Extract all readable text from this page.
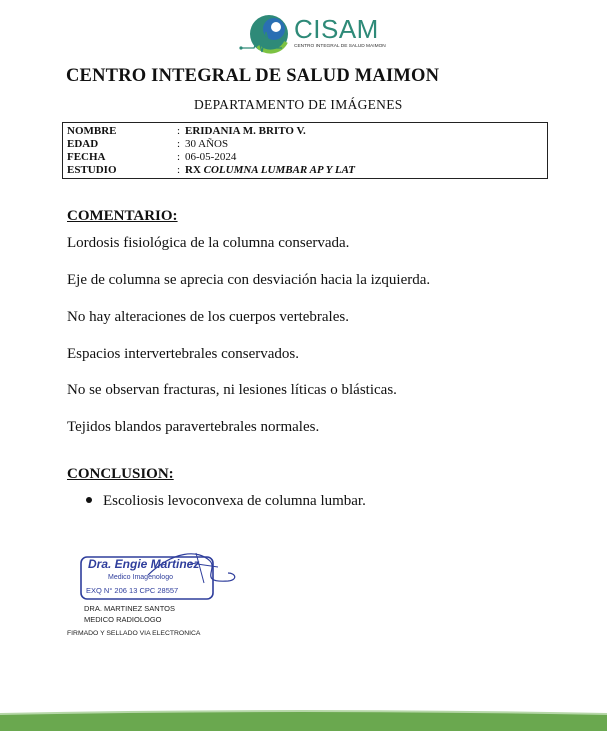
CISAM
CENTRO INTEGRAL DE SALUD MAIMON
CENTRO INTEGRAL DE SALUD MAIMON
DEPARTAMENTO DE IMÁGENES
NOMBRE	: ERIDANIA M. BRITO V.
EDAD	: 30 AÑOS
FECHA	: 06-05-2024
ESTUDIO	: RX COLUMNA LUMBAR AP Y LAT
COMENTARIO:
Lordosis fisiológica de la columna conservada.
Eje de columna se aprecia con desviación hacia la izquierda.
No hay alteraciones de los cuerpos vertebrales.
Espacios intervertebrales conservados.
No se observan fracturas, ni lesiones líticas o blásticas.
Tejidos blandos paravertebrales normales.
CONCLUSION:
Escoliosis levoconvexa de columna lumbar.
Dra. Engie Martinez
Medico Imagenologo
EXQ N° 206 13 CPC 28557
DRA. MARTINEZ SANTOS
MEDICO RADIOLOGO
FIRMADO Y SELLADO VIA ELECTRONICA
